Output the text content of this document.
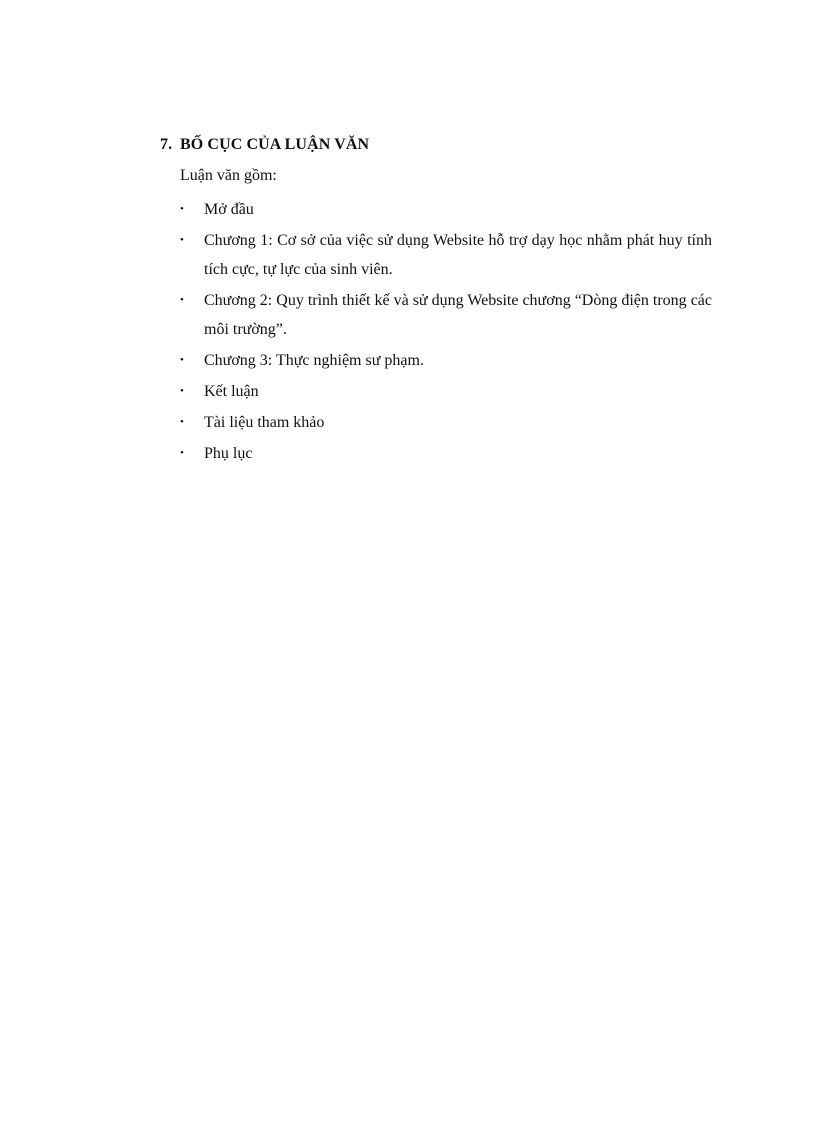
7. BỐ CỤC CỦA LUẬN VĂN
Luận văn gồm:
•	Mở đầu
•	Chương 1: Cơ sở của việc sử dụng Website hỗ trợ dạy học nhằm phát huy tính tích cực, tự lực của sinh viên.
•	Chương 2: Quy trình thiết kế và sử dụng Website chương “Dòng điện trong các môi trường”.
•	Chương 3: Thực nghiệm sư phạm.
•	Kết luận
•	Tài liệu tham khảo
•	Phụ lục
